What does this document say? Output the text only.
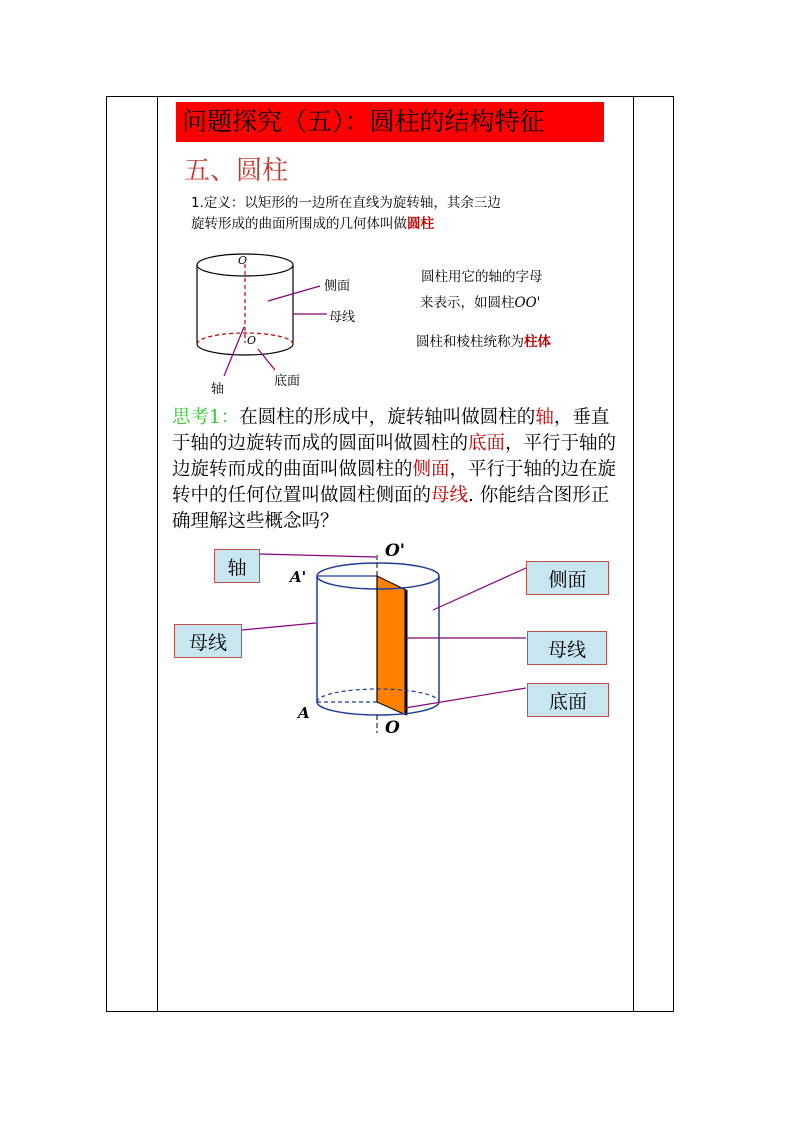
问题探究（五）：圆柱的结构特征
五、圆柱
1.定义：以矩形的一边所在直线为旋转轴，其余三边
旋转形成的曲面所围成的几何体叫做圆柱
O
O
侧面
母线
轴
底面
圆柱用它的轴的字母
来表示，如圆柱OO'
圆柱和棱柱统称为柱体
思考1：在圆柱的形成中，旋转轴叫做圆柱的轴，垂直于轴的边旋转而成的圆面叫做圆柱的底面，平行于轴的边旋转而成的曲面叫做圆柱的侧面，平行于轴的边在旋转中的任何位置叫做圆柱侧面的母线. 你能结合图形正确理解这些概念吗？
O'
O
A'
A
轴
母线
侧面
母线
底面
